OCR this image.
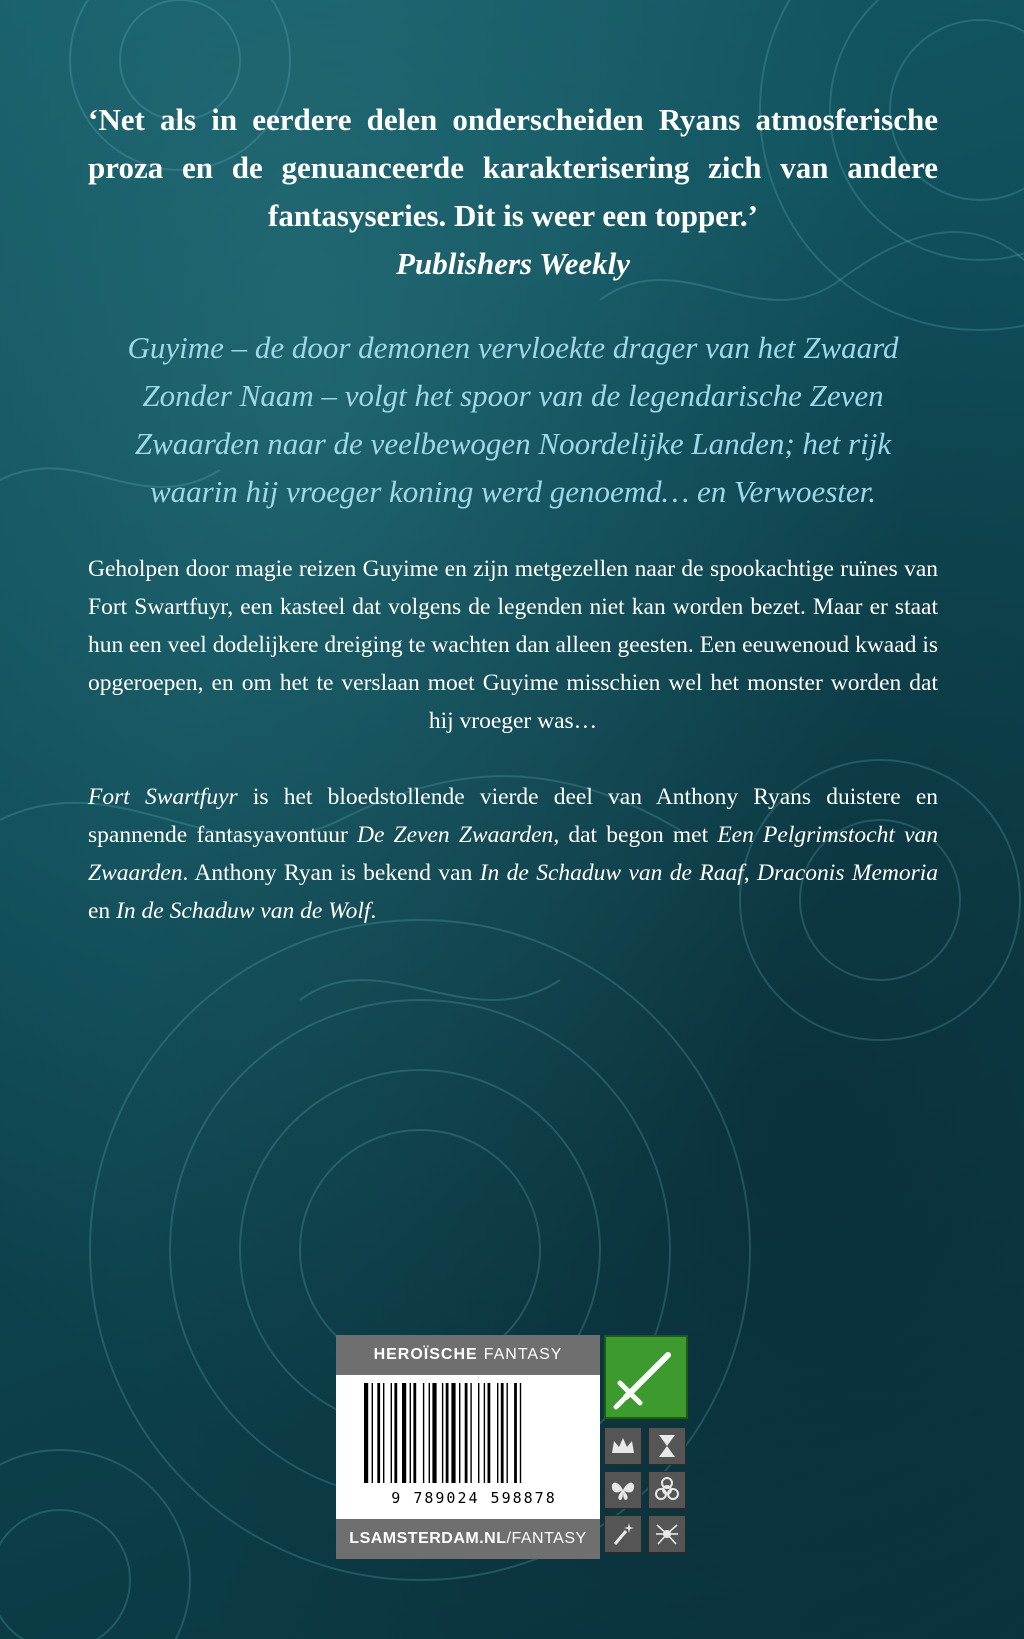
‘Net als in eerdere delen onderscheiden Ryans atmosferische proza en de genuanceerde karakterisering zich van andere fantasyseries. Dit is weer een topper.’

Publishers Weekly

Guyime – de door demonen vervloekte drager van het Zwaard Zonder Naam – volgt het spoor van de legendarische Zeven Zwaarden naar de veelbewogen Noordelijke Landen; het rijk waarin hij vroeger koning werd genoemd… en Verwoester.

Geholpen door magie reizen Guyime en zijn metgezellen naar de spookachtige ruïnes van Fort Swartfuyr, een kasteel dat volgens de legenden niet kan worden bezet. Maar er staat hun een veel dodelijkere dreiging te wachten dan alleen geesten. Een eeuwenoud kwaad is opgeroepen, en om het te verslaan moet Guyime misschien wel het monster worden dat hij vroeger was…

Fort Swartfuyr is het bloedstollende vierde deel van Anthony Ryans duistere en spannende fantasyavontuur De Zeven Zwaarden, dat begon met Een Pelgrimstocht van Zwaarden. Anthony Ryan is bekend van In de Schaduw van de Raaf, Draconis Memoria en In de Schaduw van de Wolf.

HEROÏSCHE FANTASY
9 789024 598878
LSAMSTERDAM.NL /FANTASY
